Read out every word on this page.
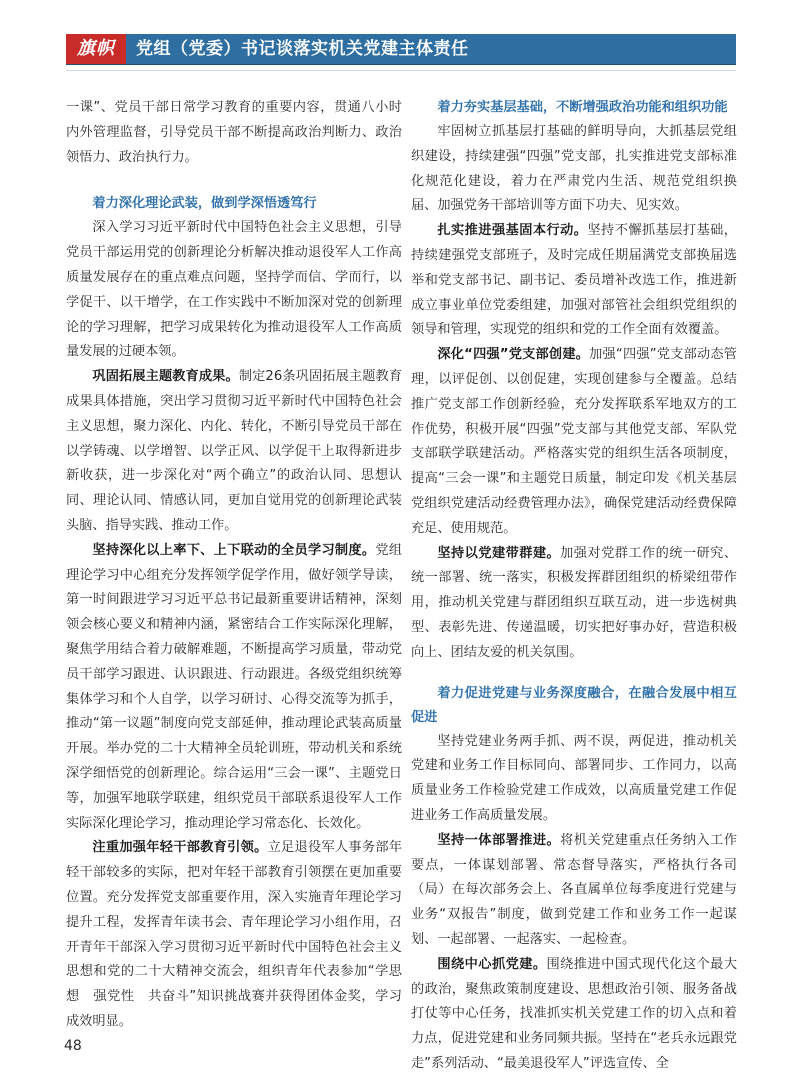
旗帜	党组（党委）书记谈落实机关党建主体责任

一课”、党员干部日常学习教育的重要内容，贯通八小时内外管理监督，引导党员干部不断提高政治判断力、政治领悟力、政治执行力。

着力深化理论武装，做到学深悟透笃行

深入学习习近平新时代中国特色社会主义思想，引导党员干部运用党的创新理论分析解决推动退役军人工作高质量发展存在的重点难点问题，坚持学而信、学而行，以学促干、以干增学，在工作实践中不断加深对党的创新理论的学习理解，把学习成果转化为推动退役军人工作高质量发展的过硬本领。

巩固拓展主题教育成果。制定26条巩固拓展主题教育成果具体措施，突出学习贯彻习近平新时代中国特色社会主义思想，聚力深化、内化、转化，不断引导党员干部在以学铸魂、以学增智、以学正风、以学促干上取得新进步新收获，进一步深化对“两个确立”的政治认同、思想认同、理论认同、情感认同，更加自觉用党的创新理论武装头脑、指导实践、推动工作。

坚持深化以上率下、上下联动的全员学习制度。党组理论学习中心组充分发挥领学促学作用，做好领学导读，第一时间跟进学习习近平总书记最新重要讲话精神，深刻领会核心要义和精神内涵，紧密结合工作实际深化理解，聚焦学用结合着力破解难题，不断提高学习质量，带动党员干部学习跟进、认识跟进、行动跟进。各级党组织统筹集体学习和个人自学，以学习研讨、心得交流等为抓手，推动“第一议题”制度向党支部延伸，推动理论武装高质量开展。举办党的二十大精神全员轮训班，带动机关和系统深学细悟党的创新理论。综合运用“三会一课”、主题党日等，加强军地联学联建，组织党员干部联系退役军人工作实际深化理论学习，推动理论学习常态化、长效化。

注重加强年轻干部教育引领。立足退役军人事务部年轻干部较多的实际，把对年轻干部教育引领摆在更加重要位置。充分发挥党支部重要作用，深入实施青年理论学习提升工程，发挥青年读书会、青年理论学习小组作用，召开青年干部深入学习贯彻习近平新时代中国特色社会主义思想和党的二十大精神交流会，组织青年代表参加“学思想　强党性　共奋斗”知识挑战赛并获得团体金奖，学习成效明显。

着力夯实基层基础，不断增强政治功能和组织功能

牢固树立抓基层打基础的鲜明导向，大抓基层党组织建设，持续建强“四强”党支部，扎实推进党支部标准化规范化建设，着力在严肃党内生活、规范党组织换届、加强党务干部培训等方面下功夫、见实效。

扎实推进强基固本行动。坚持不懈抓基层打基础，持续建强党支部班子，及时完成任期届满党支部换届选举和党支部书记、副书记、委员增补改选工作，推进新成立事业单位党委组建，加强对部管社会组织党组织的领导和管理，实现党的组织和党的工作全面有效覆盖。

深化“四强”党支部创建。加强“四强”党支部动态管理，以评促创、以创促建，实现创建参与全覆盖。总结推广党支部工作创新经验，充分发挥联系军地双方的工作优势，积极开展“四强”党支部与其他党支部、军队党支部联学联建活动。严格落实党的组织生活各项制度，提高“三会一课”和主题党日质量，制定印发《机关基层党组织党建活动经费管理办法》，确保党建活动经费保障充足、使用规范。

坚持以党建带群建。加强对党群工作的统一研究、统一部署、统一落实，积极发挥群团组织的桥梁纽带作用，推动机关党建与群团组织互联互动，进一步选树典型、表彰先进、传递温暖，切实把好事办好，营造积极向上、团结友爱的机关氛围。

着力促进党建与业务深度融合，在融合发展中相互促进

坚持党建业务两手抓、两不误，两促进，推动机关党建和业务工作目标同向、部署同步、工作同力，以高质量业务工作检验党建工作成效，以高质量党建工作促进业务工作高质量发展。

坚持一体部署推进。将机关党建重点任务纳入工作要点，一体谋划部署、常态督导落实，严格执行各司（局）在每次部务会上、各直属单位每季度进行党建与业务“双报告”制度，做到党建工作和业务工作一起谋划、一起部署、一起落实、一起检查。

围绕中心抓党建。围绕推进中国式现代化这个最大的政治，聚焦政策制度建设、思想政治引领、服务备战打仗等中心任务，找准抓实机关党建工作的切入点和着力点，促进党建和业务同频共振。坚持在“老兵永远跟党走”系列活动、“最美退役军人”评选宣传、全

48
